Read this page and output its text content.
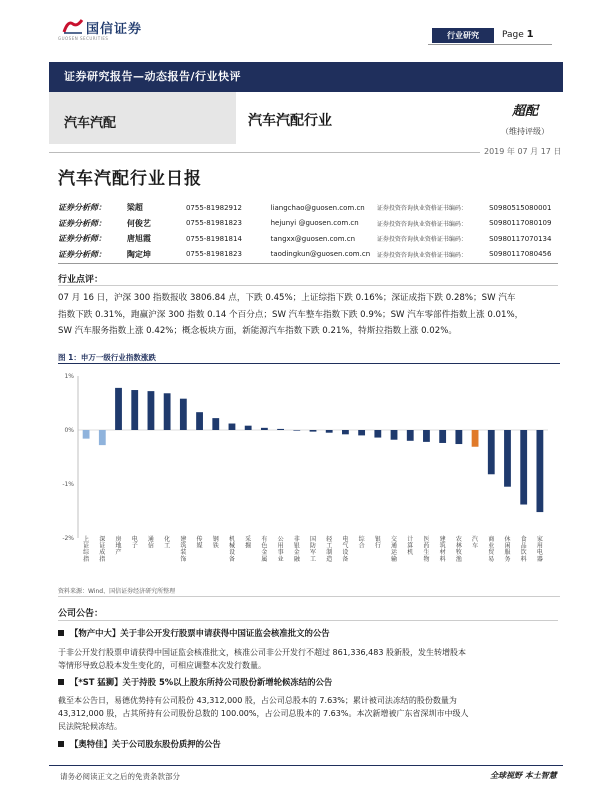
国信证券
GUOSEN SECURITIES	行业研究	Page 1
证券研究报告—动态报告/行业快评
汽车汽配	汽车汽配行业
超配
（维持评级）
2019 年 07 月 17 日
汽车汽配行业日报
证券分析师：	梁超	0755-81982912	liangchao@guosen.com.cn	证券投资咨询执业资格证书编码：	S0980515080001
证券分析师：	何俊艺	0755-81981823	hejunyi @guosen.com.cn	证券投资咨询执业资格证书编码：	S0980117080109
证券分析师：	唐旭霞	0755-81981814	tangxx@guosen.com.cn	证券投资咨询执业资格证书编码：	S0980117070134
证券分析师：	陶定坤	0755-81981823	taodingkun@guosen.com.cn	证券投资咨询执业资格证书编码：	S0980117080456
行业点评：
07 月 16 日，沪深 300 指数报收 3806.84 点，下跌 0.45%；上证综指下跌 0.16%；深证成指下跌 0.28%；SW 汽车
指数下跌 0.31%，跑赢沪深 300 指数 0.14 个百分点；SW 汽车整车指数下跌 0.9%；SW 汽车零部件指数上涨 0.01%，
SW 汽车服务指数上涨 0.42%；概念板块方面，新能源汽车指数下跌 0.21%，特斯拉指数上涨 0.02%。
图 1：申万一级行业指数涨跌
1%
0%
-1%
-2% 上证综指
深证成指
房地产
电子
通信
化工
建筑装饰
传媒
钢铁
机械设备
采掘
有色金属
公用事业
非银金融
国防军工
轻工制造
电气设备
综合
银行
交通运输
计算机
医药生物
建筑材料
农林牧渔
汽车
商业贸易
休闲服务
食品饮料
家用电器
资料来源：Wind、国信证券经济研究所整理
公司公告：
【物产中大】关于非公开发行股票申请获得中国证监会核准批文的公告
于非公开发行股票申请获得中国证监会核准批文，核准公司非公开发行不超过 861,336,483 股新股，发生转增股本
等情形导致总股本发生变化的，可相应调整本次发行数量。
【*ST 猛狮】关于持股 5%以上股东所持公司股份新增轮候冻结的公告
截至本公告日，易德优势持有公司股份 43,312,000 股，占公司总股本的 7.63%；累计被司法冻结的股份数量为
43,312,000 股，占其所持有公司股份总数的 100.00%，占公司总股本的 7.63%。本次新增被广东省深圳市中级人
民法院轮候冻结。
【奥特佳】关于公司股东股份质押的公告
请务必阅读正文之后的免责条款部分	全球视野 本土智慧
